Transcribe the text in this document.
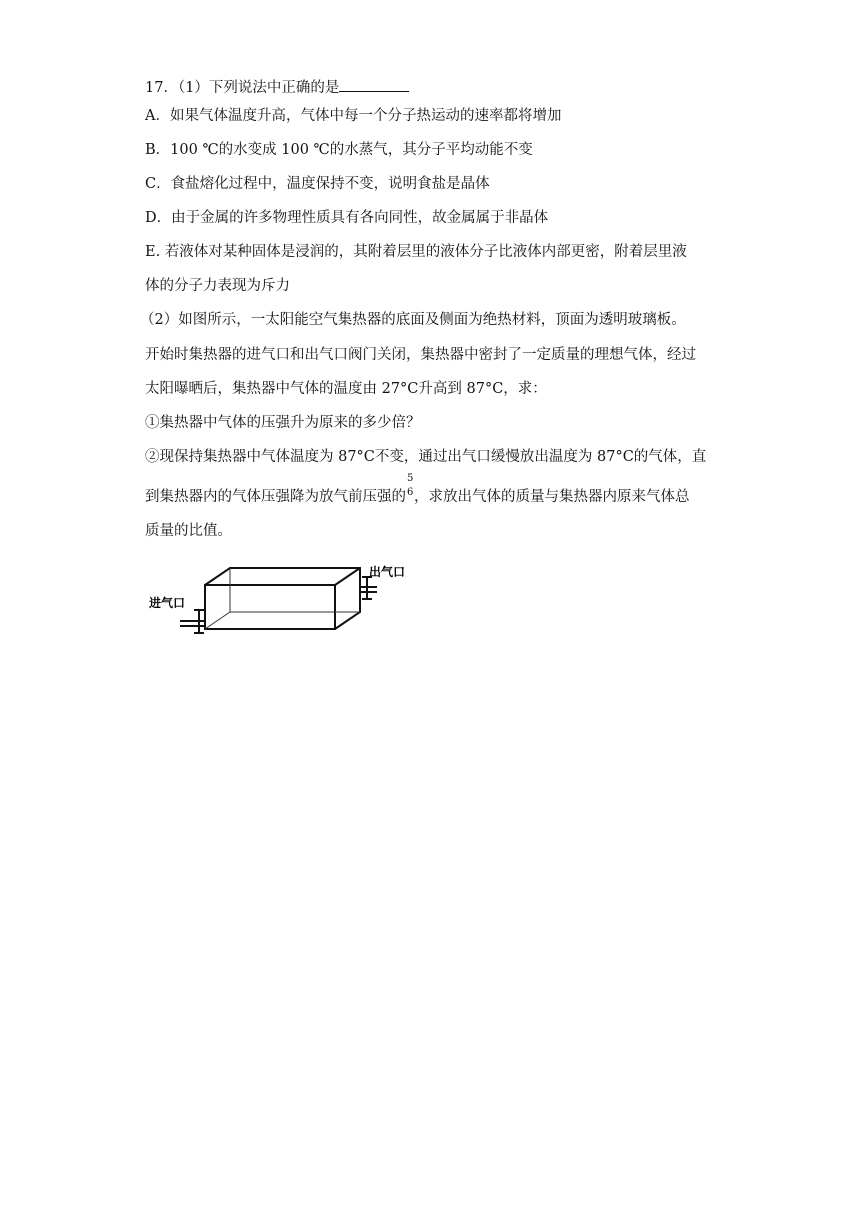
17．（1）下列说法中正确的是
A．如果气体温度升高，气体中每一个分子热运动的速率都将增加
B．100 ℃的水变成 100 ℃的水蒸气，其分子平均动能不变
C．食盐熔化过程中，温度保持不变，说明食盐是晶体
D．由于金属的许多物理性质具有各向同性，故金属属于非晶体
E. 若液体对某种固体是浸润的，其附着层里的液体分子比液体内部更密，附着层里液
体的分子力表现为斥力
（2）如图所示，一太阳能空气集热器的底面及侧面为绝热材料，顶面为透明玻璃板。
开始时集热器的进气口和出气口阀门关闭，集热器中密封了一定质量的理想气体，经过
太阳曝晒后，集热器中气体的温度由 27°C升高到 87°C，求：
①集热器中气体的压强升为原来的多少倍？
②现保持集热器中气体温度为 87°C不变，通过出气口缓慢放出温度为 87°C的气体，直
到集热器内的气体压强降为放气前压强的
5
6 ，求放出气体的质量与集热器内原来气体总
质量的比值。
进气口
出气口
